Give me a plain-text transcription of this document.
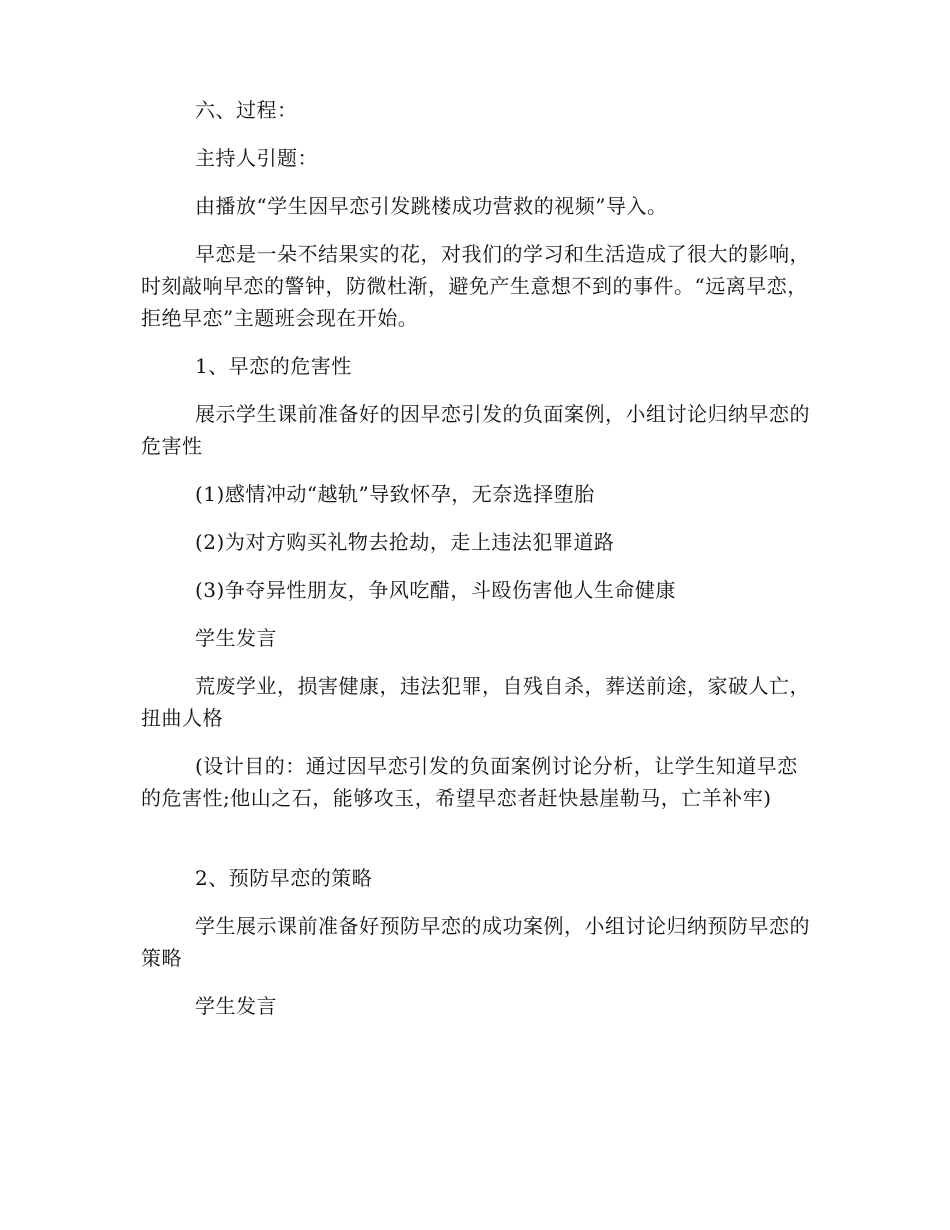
六、过程：

主持人引题：

由播放“学生因早恋引发跳楼成功营救的视频”导入。

早恋是一朵不结果实的花，对我们的学习和生活造成了很大的影响，时刻敲响早恋的警钟，防微杜渐，避免产生意想不到的事件。“远离早恋，拒绝早恋”主题班会现在开始。

1、早恋的危害性

展示学生课前准备好的因早恋引发的负面案例，小组讨论归纳早恋的危害性

(1)感情冲动“越轨”导致怀孕，无奈选择堕胎

(2)为对方购买礼物去抢劫，走上违法犯罪道路

(3)争夺异性朋友，争风吃醋，斗殴伤害他人生命健康

学生发言

荒废学业，损害健康，违法犯罪，自残自杀，葬送前途，家破人亡，扭曲人格

(设计目的：通过因早恋引发的负面案例讨论分析，让学生知道早恋的危害性;他山之石，能够攻玉，希望早恋者赶快悬崖勒马，亡羊补牢)

2、预防早恋的策略

学生展示课前准备好预防早恋的成功案例，小组讨论归纳预防早恋的策略

学生发言
